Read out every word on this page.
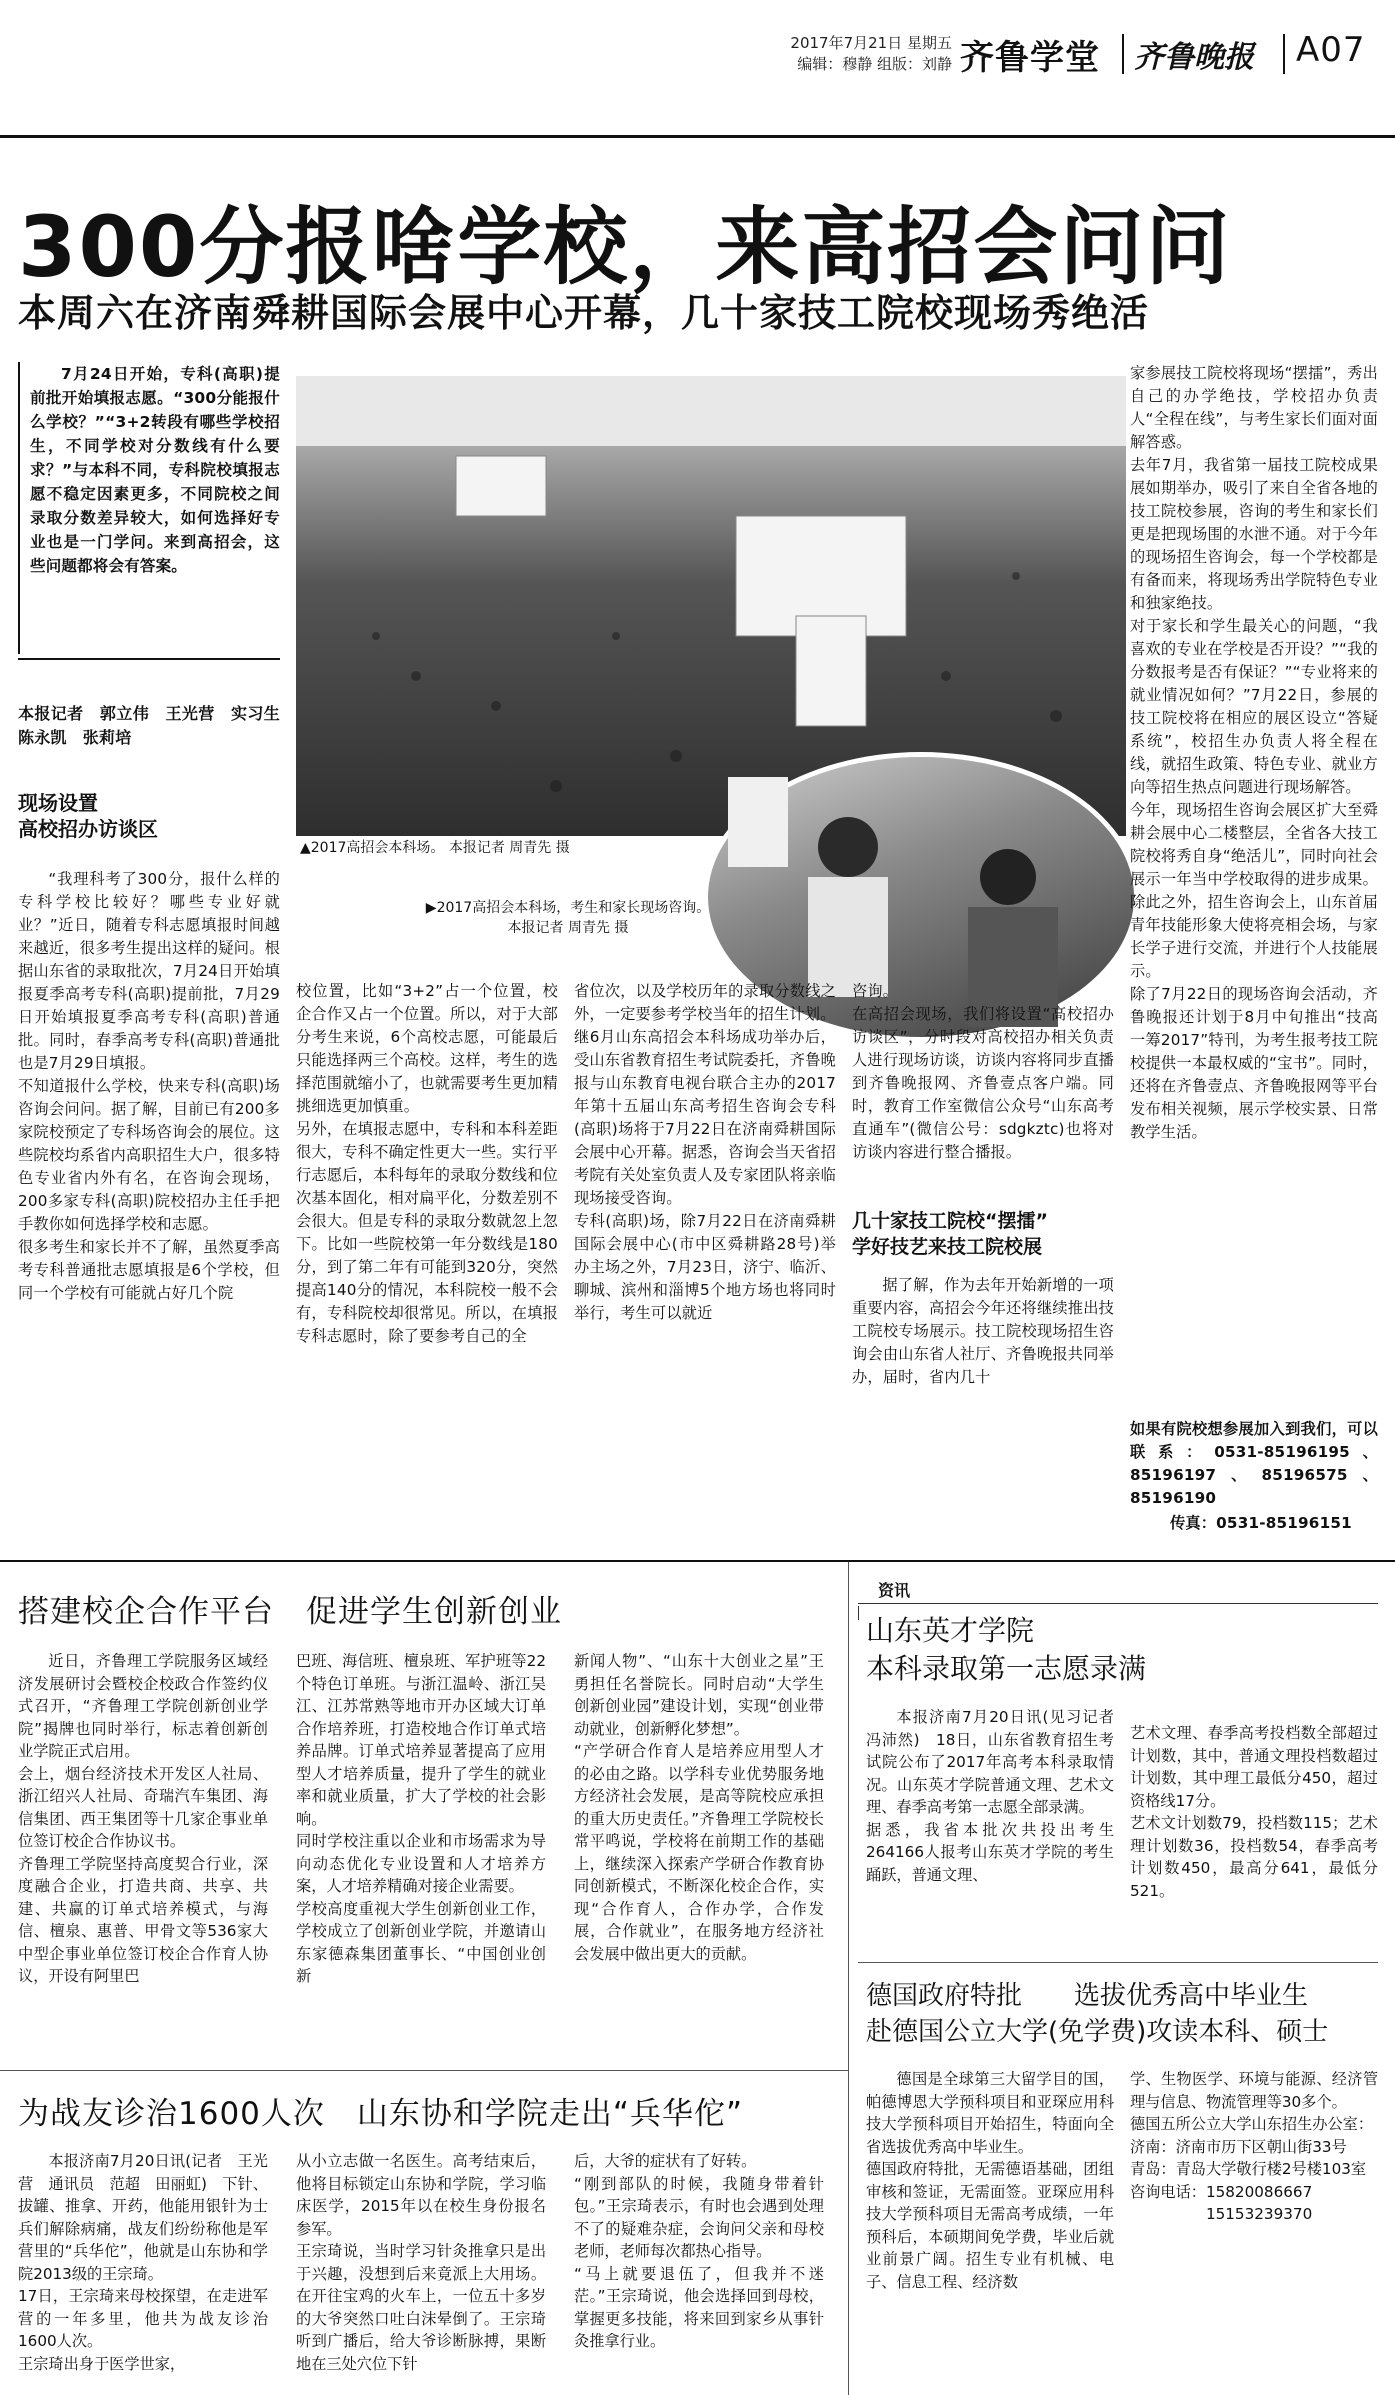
2017年7月21日 星期五
编辑：穆静 组版：刘静 齐鲁学堂 齐鲁晚报 A07
300分报啥学校，来高招会问问
本周六在济南舜耕国际会展中心开幕，几十家技工院校现场秀绝活

7月24日开始，专科(高职)提前批开始填报志愿。“300分能报什么学校？”“3+2转段有哪些学校招生，不同学校对分数线有什么要求？”与本科不同，专科院校填报志愿不稳定因素更多，不同院校之间录取分数差异较大，如何选择好专业也是一门学问。来到高招会，这些问题都将会有答案。

本报记者　郭立伟　王光营　实习生　陈永凯　张莉培
现场设置
高校招办访谈区
▲2017高招会本科场。 本报记者 周青先 摄
▶2017高招会本科场，考生和家长现场咨询。
本报记者 周青先 摄
“我理科考了300分，报什么样的专科学校比较好？哪些专业好就业？”近日，随着专科志愿填报时间越来越近，很多考生提出这样的疑问。根据山东省的录取批次，7月24日开始填报夏季高考专科(高职)提前批，7月29日开始填报夏季高考专科(高职)普通批。同时，春季高考专科(高职)普通批也是7月29日填报。
不知道报什么学校，快来专科(高职)场咨询会问问。据了解，目前已有200多家院校预定了专科场咨询会的展位。这些院校均系省内高职招生大户，很多特色专业省内外有名，在咨询会现场，200多家专科(高职)院校招办主任手把手教你如何选择学校和志愿。
很多考生和家长并不了解，虽然夏季高考专科普通批志愿填报是6个学校，但同一个学校有可能就占好几个院
校位置，比如“3+2”占一个位置，校企合作又占一个位置。所以，对于大部分考生来说，6个高校志愿，可能最后只能选择两三个高校。这样，考生的选择范围就缩小了，也就需要考生更加精挑细选更加慎重。
另外，在填报志愿中，专科和本科差距很大，专科不确定性更大一些。实行平行志愿后，本科每年的录取分数线和位次基本固化，相对扁平化，分数差别不会很大。但是专科的录取分数就忽上忽下。比如一些院校第一年分数线是180分，到了第二年有可能到320分，突然提高140分的情况，本科院校一般不会有，专科院校却很常见。所以，在填报专科志愿时，除了要参考自己的全
省位次，以及学校历年的录取分数线之外，一定要参考学校当年的招生计划。
继6月山东高招会本科场成功举办后，受山东省教育招生考试院委托，齐鲁晚报与山东教育电视台联合主办的2017年第十五届山东高考招生咨询会专科(高职)场将于7月22日在济南舜耕国际会展中心开幕。据悉，咨询会当天省招考院有关处室负责人及专家团队将亲临现场接受咨询。
专科(高职)场，除7月22日在济南舜耕国际会展中心(市中区舜耕路28号)举办主场之外，7月23日，济宁、临沂、聊城、滨州和淄博5个地方场也将同时举行，考生可以就近
咨询。
在高招会现场，我们将设置“高校招办访谈区”，分时段对高校招办相关负责人进行现场访谈，访谈内容将同步直播到齐鲁晚报网、齐鲁壹点客户端。同时，教育工作室微信公众号“山东高考直通车”(微信公号：sdgkztc)也将对访谈内容进行整合播报。
几十家技工院校“摆擂”
学好技艺来技工院校展
据了解，作为去年开始新增的一项重要内容，高招会今年还将继续推出技工院校专场展示。技工院校现场招生咨询会由山东省人社厅、齐鲁晚报共同举办，届时，省内几十
家参展技工院校将现场“摆擂”，秀出自己的办学绝技，学校招办负责人“全程在线”，与考生家长们面对面解答惑。
去年7月，我省第一届技工院校成果展如期举办，吸引了来自全省各地的技工院校参展，咨询的考生和家长们更是把现场围的水泄不通。对于今年的现场招生咨询会，每一个学校都是有备而来，将现场秀出学院特色专业和独家绝技。
对于家长和学生最关心的问题，“我喜欢的专业在学校是否开设？”“我的分数报考是否有保证？”“专业将来的就业情况如何？”7月22日，参展的技工院校将在相应的展区设立“答疑系统”，校招生办负责人将全程在线，就招生政策、特色专业、就业方向等招生热点问题进行现场解答。
今年，现场招生咨询会展区扩大至舜耕会展中心二楼整层，全省各大技工院校将秀自身“绝活儿”，同时向社会展示一年当中学校取得的进步成果。除此之外，招生咨询会上，山东首届青年技能形象大使将亮相会场，与家长学子进行交流，并进行个人技能展示。
除了7月22日的现场咨询会活动，齐鲁晚报还计划于8月中旬推出“技高一筹2017”特刊，为考生报考技工院校提供一本最权威的“宝书”。同时，还将在齐鲁壹点、齐鲁晚报网等平台发布相关视频，展示学校实景、日常教学生活。
如果有院校想参展加入到我们，可以联系：0531-85196195、85196197、85196575、85196190
传真：0531-85196151
搭建校企合作平台　促进学生创新创业
近日，齐鲁理工学院服务区域经济发展研讨会暨校企校政合作签约仪式召开，“齐鲁理工学院创新创业学院”揭牌也同时举行，标志着创新创业学院正式启用。
会上，烟台经济技术开发区人社局、浙江绍兴人社局、奇瑞汽车集团、海信集团、西王集团等十几家企事业单位签订校企合作协议书。
齐鲁理工学院坚持高度契合行业，深度融合企业，打造共商、共享、共建、共赢的订单式培养模式，与海信、檀泉、惠普、甲骨文等536家大中型企事业单位签订校企合作育人协议，开设有阿里巴
巴班、海信班、檀泉班、军护班等22个特色订单班。与浙江温岭、浙江吴江、江苏常熟等地市开办区域大订单合作培养班，打造校地合作订单式培养品牌。订单式培养显著提高了应用型人才培养质量，提升了学生的就业率和就业质量，扩大了学校的社会影响。
同时学校注重以企业和市场需求为导向动态优化专业设置和人才培养方案，人才培养精确对接企业需要。
学校高度重视大学生创新创业工作，学校成立了创新创业学院，并邀请山东家德森集团董事长、“中国创业创新
新闻人物”、“山东十大创业之星”王勇担任名誉院长。同时启动“大学生创新创业园”建设计划，实现“创业带动就业，创新孵化梦想”。
“产学研合作育人是培养应用型人才的必由之路。以学科专业优势服务地方经济社会发展，是高等院校应承担的重大历史责任。”齐鲁理工学院校长常平鸣说，学校将在前期工作的基础上，继续深入探索产学研合作教育协同创新模式，不断深化校企合作，实现“合作育人，合作办学，合作发展，合作就业”，在服务地方经济社会发展中做出更大的贡献。
为战友诊治1600人次　山东协和学院走出“兵华佗”
本报济南7月20日讯(记者　王光营　通讯员　范超　田丽虹)　下针、拔罐、推拿、开药，他能用银针为士兵们解除病痛，战友们纷纷称他是军营里的“兵华佗”，他就是山东协和学院2013级的王宗琦。
17日，王宗琦来母校探望，在走进军营的一年多里，他共为战友诊治1600人次。
王宗琦出身于医学世家，
从小立志做一名医生。高考结束后，他将目标锁定山东协和学院，学习临床医学，2015年以在校生身份报名参军。
王宗琦说，当时学习针灸推拿只是出于兴趣，没想到后来竟派上大用场。在开往宝鸡的火车上，一位五十多岁的大爷突然口吐白沫晕倒了。王宗琦听到广播后，给大爷诊断脉搏，果断地在三处穴位下针
后，大爷的症状有了好转。
“刚到部队的时候，我随身带着针包。”王宗琦表示，有时也会遇到处理不了的疑难杂症，会询问父亲和母校老师，老师每次都热心指导。
“马上就要退伍了，但我并不迷茫。”王宗琦说，他会选择回到母校，掌握更多技能，将来回到家乡从事针灸推拿行业。
资讯
山东英才学院
本科录取第一志愿录满
本报济南7月20日讯(见习记者　冯沛然)　18日，山东省教育招生考试院公布了2017年高考本科录取情况。山东英才学院普通文理、艺术文理、春季高考第一志愿全部录满。
据悉，我省本批次共投出考生264166人报考山东英才学院的考生踊跃，普通文理、
艺术文理、春季高考投档数全部超过计划数，其中，普通文理投档数超过计划数，其中理工最低分450，超过资格线17分。
艺术文计划数79，投档数115；艺术理计划数36，投档数54，春季高考计划数450，最高分641，最低分521。
德国政府特批　　选拔优秀高中毕业生
赴德国公立大学(免学费)攻读本科、硕士
德国是全球第三大留学目的国，帕德博恩大学预科项目和亚琛应用科技大学预科项目开始招生，特面向全省选拔优秀高中毕业生。
德国政府特批，无需德语基础，团组审核和签证，无需面签。亚琛应用科技大学预科项目无需高考成绩，一年预科后，本硕期间免学费，毕业后就业前景广阔。招生专业有机械、电子、信息工程、经济数
学、生物医学、环境与能源、经济管理与信息、物流管理等30多个。
德国五所公立大学山东招生办公室：
济南：济南市历下区朝山街33号
青岛：青岛大学敬行楼2号楼103室
咨询电话：15820086667
　　　　　15153239370
